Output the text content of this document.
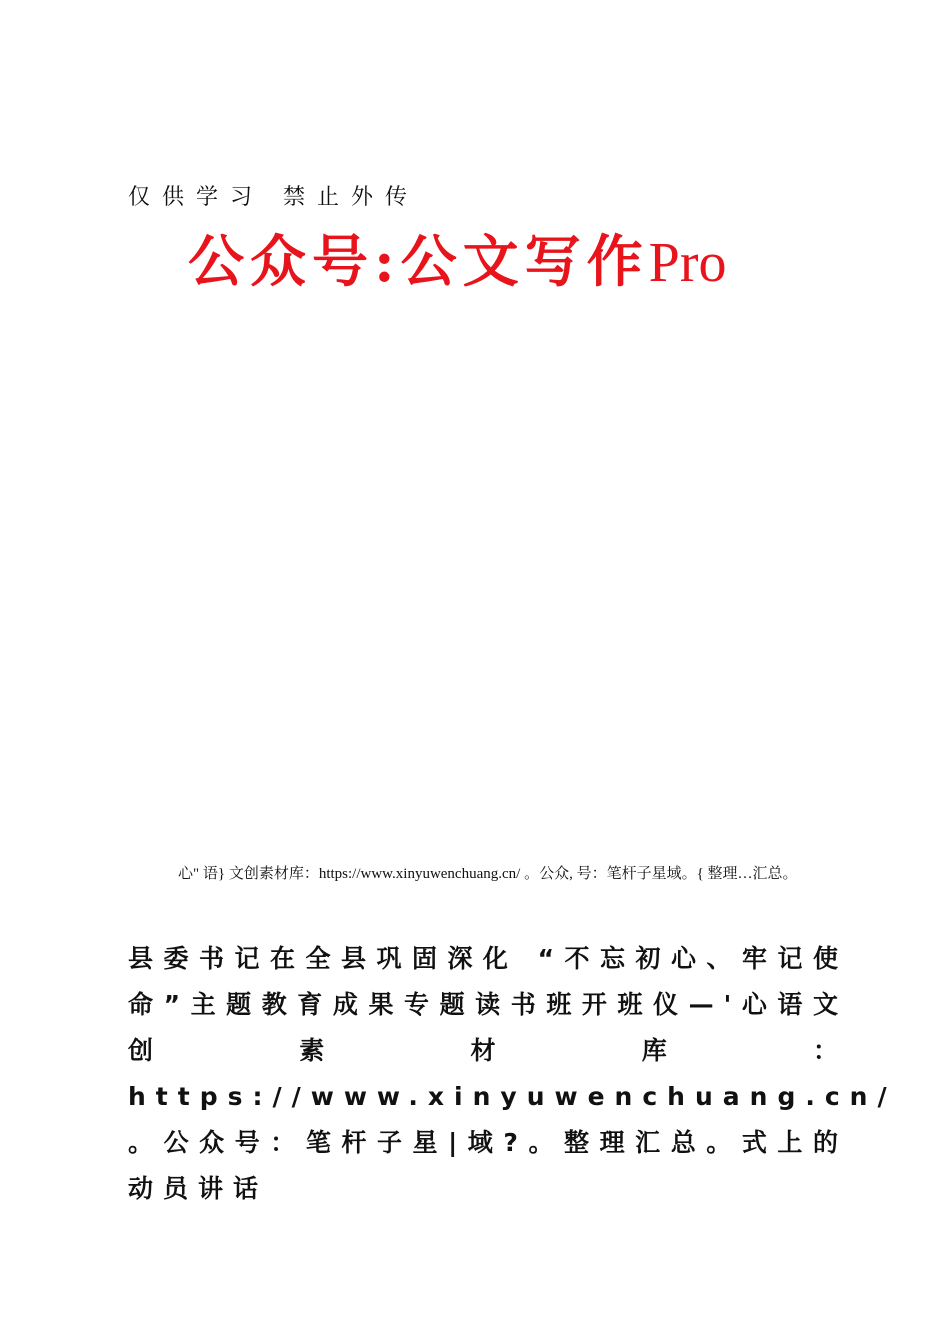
仅供学习 禁止外传

公众号:公文写作Pro

心" 语} 文创素材库：https://www.xinyuwenchuang.cn/ 。公众, 号：笔杆子星域。{ 整理…汇总。

县委书记在全县巩固深化 “不忘初心、牢记使命”主题教育成果专题读书班开班仪—'心语文创素材库：https://www.xinyuwenchuang.cn/ 。公众号：笔杆子星|域?。整理汇总。式上的动员讲话
